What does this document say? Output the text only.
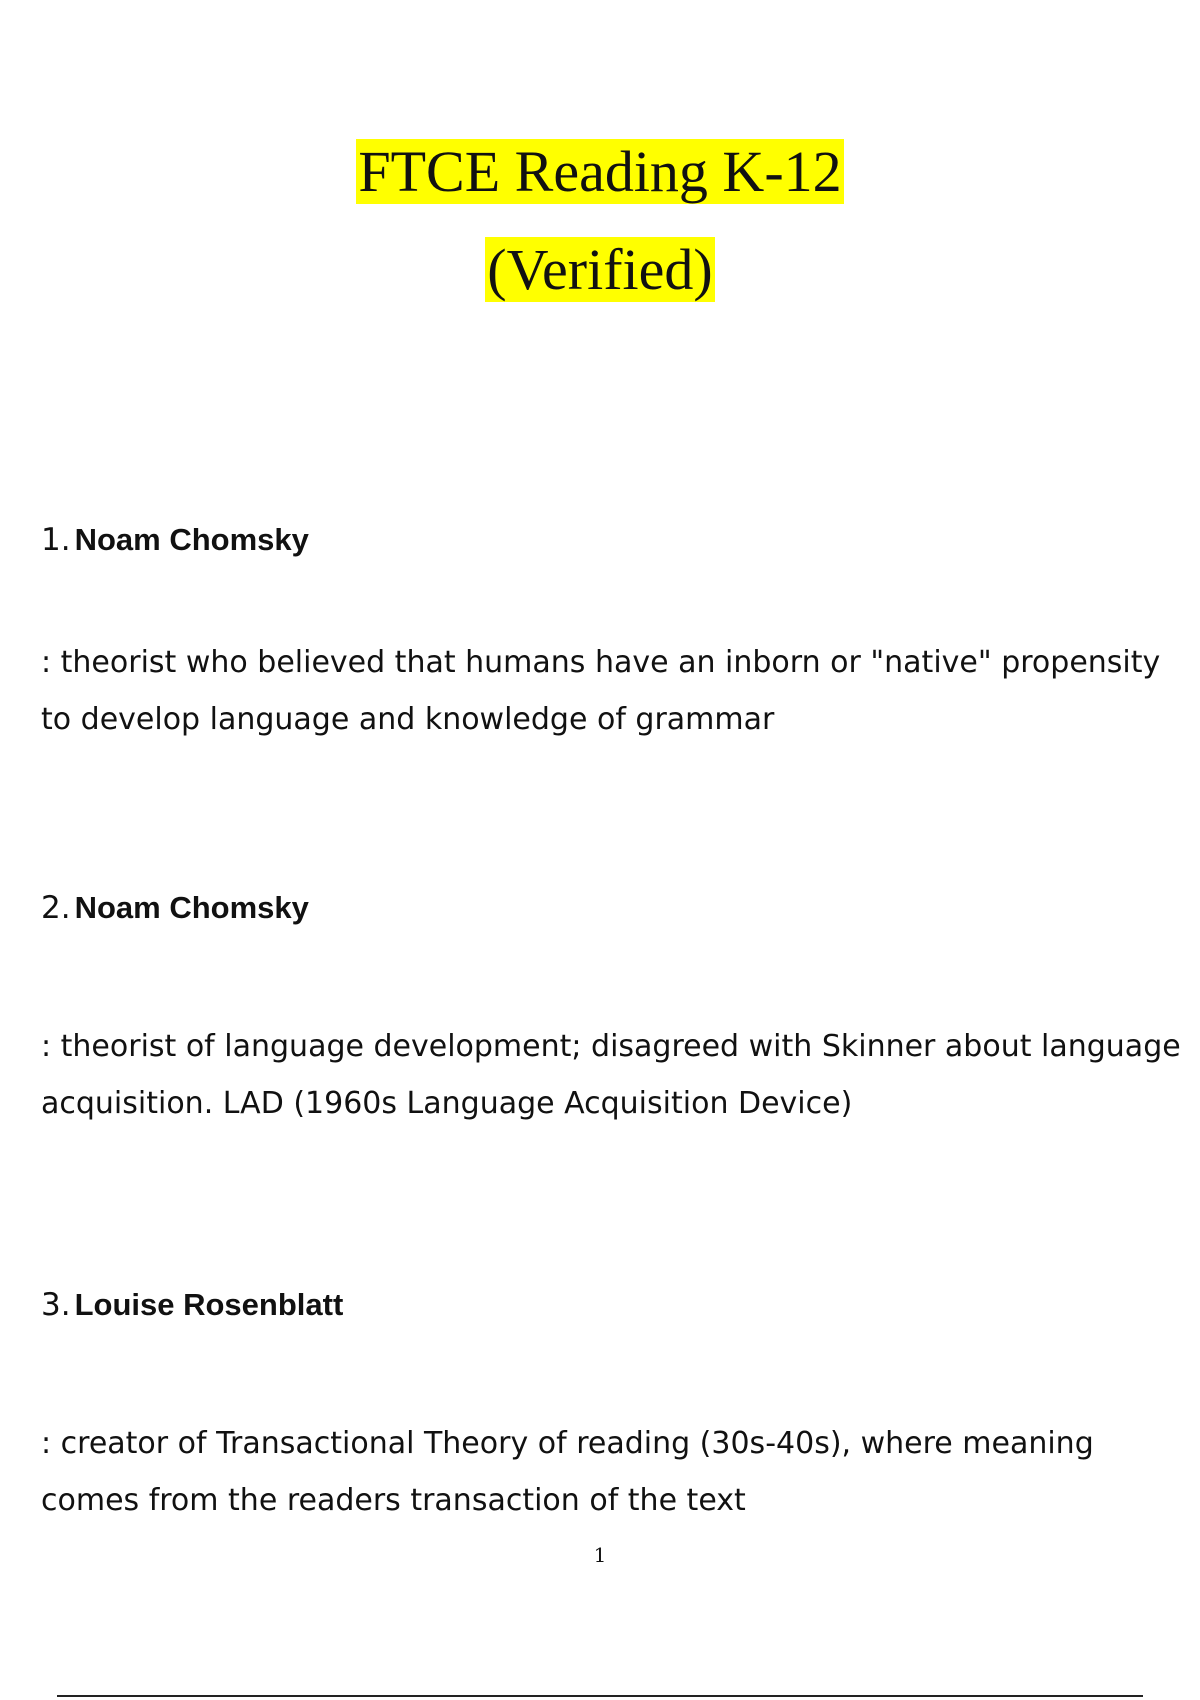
FTCE Reading K-12
(Verified)
1. Noam Chomsky

: theorist who believed that humans have an inborn or "native" propensity to develop language and knowledge of grammar

2. Noam Chomsky

: theorist of language development; disagreed with Skinner about language acquisition. LAD (1960s Language Acquisition Device)

3. Louise Rosenblatt

: creator of Transactional Theory of reading (30s-40s), where meaning comes from the readers transaction of the text

1
